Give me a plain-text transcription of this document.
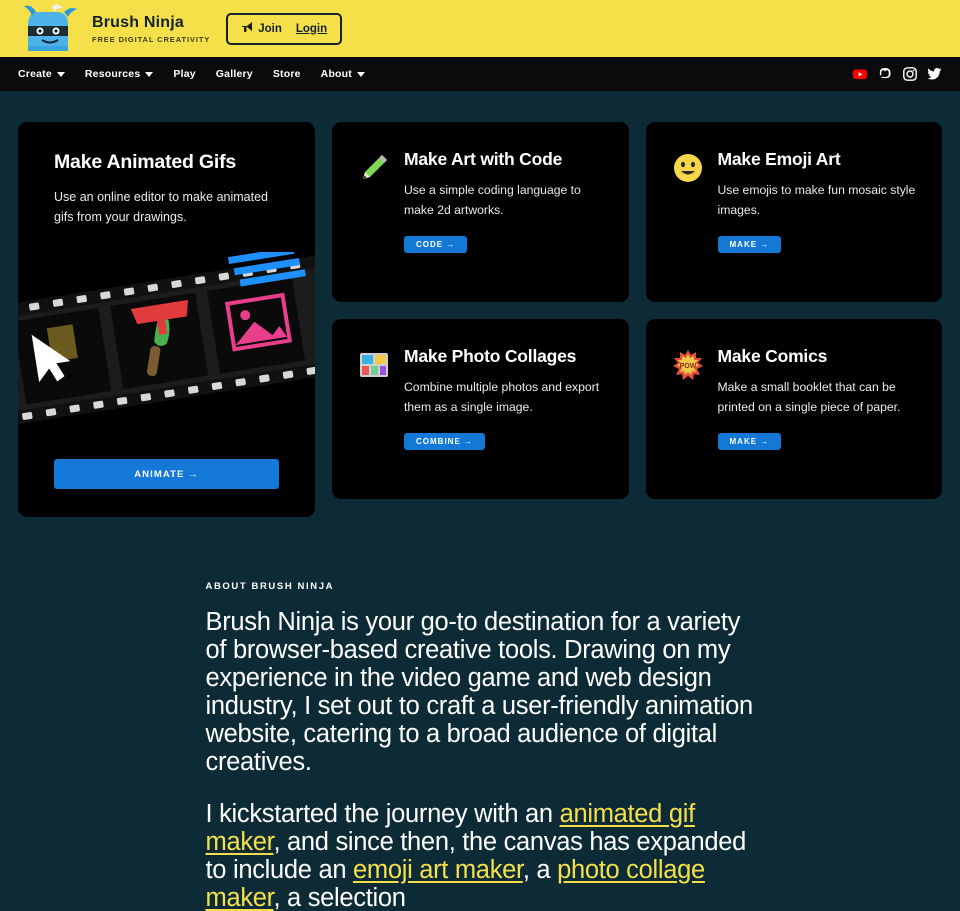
Brush Ninja
FREE DIGITAL CREATIVITY
Join Login
Create	Resources	Play Gallery Store About
Make Animated Gifs
Use an online editor to make animated gifs from your drawings.
ANIMATE →
Make Art with Code
Use a simple coding language to make 2d artworks.
CODE →
Make Emoji Art
Use emojis to make fun mosaic style images.
MAKE →
Make Photo Collages
Combine multiple photos and export them as a single image.
COMBINE →
POW
Make Comics
Make a small booklet that can be printed on a single piece of paper.
MAKE →
ABOUT BRUSH NINJA

Brush Ninja is your go-to destination for a variety of browser-based creative tools. Drawing on my experience in the video game and web design industry, I set out to craft a user-friendly animation website, catering to a broad audience of digital creatives.

I kickstarted the journey with an animated gif maker, and since then, the canvas has expanded to include an emoji art maker, a photo collage maker, a selection
